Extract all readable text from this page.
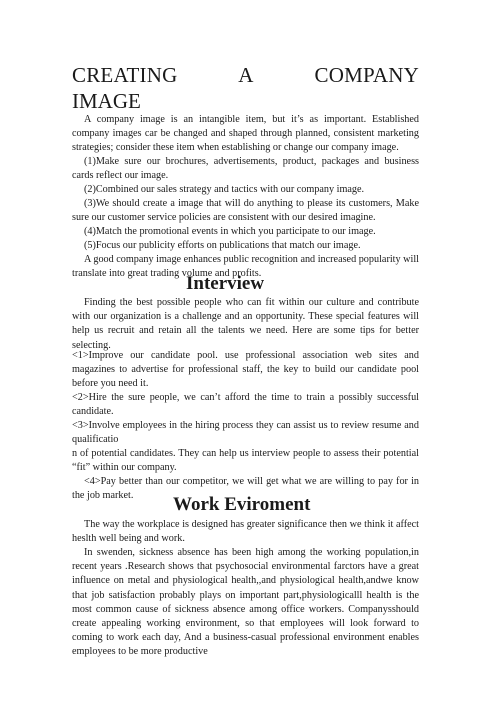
CREATING A COMPANY
IMAGE

A company image is an intangible item, but it’s as important. Established company images car be changed and shaped through planned, consistent marketing strategies; consider these item when establishing or change our company image.

(1)Make sure our brochures, advertisements, product, packages and business cards reflect our image.

(2)Combined our sales strategy and tactics with our company image.

(3)We should create a image that will do anything to please its customers, Make sure our customer service policies are consistent with our desired imagine.

(4)Match the promotional events in which you participate to our image.

(5)Focus our publicity efforts on publications that match our image.

A good company image enhances public recognition and increased popularity will translate into great trading volume and profits.

Interview

Finding the best possible people who can fit within our culture and contribute with our organization is a challenge and an opportunity. These special features will help us recruit and retain all the talents we need. Here are some tips for better selecting.

<1>Improve our candidate pool. use professional association web sites and magazines to advertise for professional staff, the key to build our candidate pool before you need it.

<2>Hire the sure people, we can’t afford the time to train a possibly successful candidate.

<3>Involve employees in the hiring process they can assist us to review resume and qualificatio

n of potential candidates. They can help us interview people to assess their potential “fit” within our company.

<4>Pay better than our competitor, we will get what we are willing to pay for in the job market.	Work Eviroment

The way the workplace is designed has greater significance then we think it affect heslth well being and work.

In swenden, sickness absence has been high among the working population,in recent years .Research shows that psychosocial environmental farctors have a great influence on metal and physiological health,,and physiological health,andwe know that job satisfaction probably plays on important part,physiologicalll health is the most common cause of sickness absence among office workers. Companysshould create appealing working environment, so that employees will look forward to coming to work each day, And a business-casual professional environment enables employees to be more productive
